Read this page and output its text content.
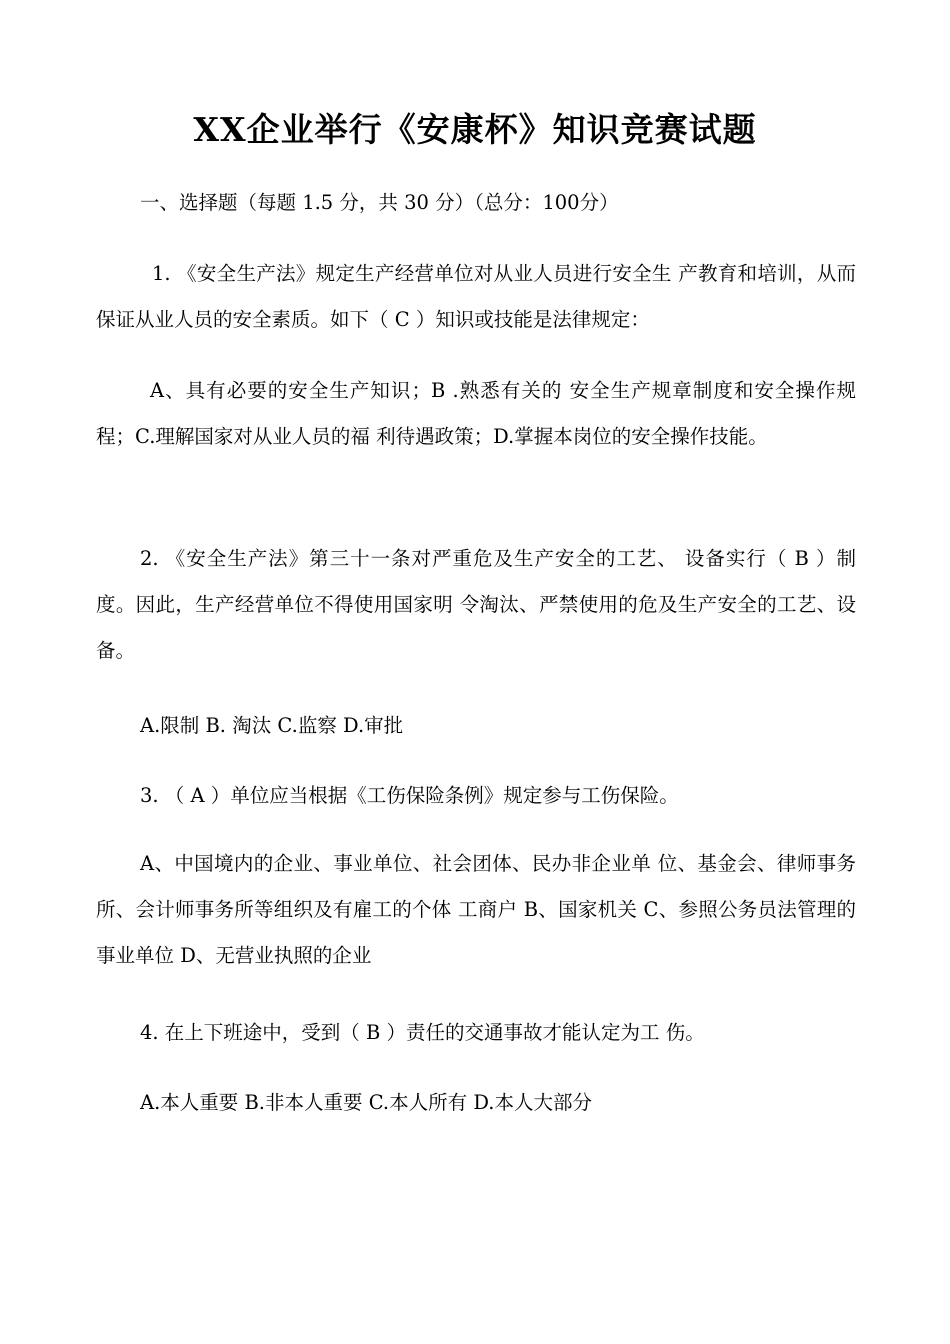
XX企业举行《安康杯》知识竞赛试题

一、选择题（每题 1.5 分，共 30 分）（总分：100分）

1. 《安全生产法》规定生产经营单位对从业人员进行安全生 产教育和培训，从而保证从业人员的安全素质。如下（ C ）知识或技能是法律规定：

A、具有必要的安全生产知识；B .熟悉有关的 安全生产规章制度和安全操作规程；C.理解国家对从业人员的福 利待遇政策；D.掌握本岗位的安全操作技能。

2. 《安全生产法》第三十一条对严重危及生产安全的工艺、 设备实行（ B ）制度。因此，生产经营单位不得使用国家明 令淘汰、严禁使用的危及生产安全的工艺、设备。

A.限制 B. 淘汰 C.监察 D.审批

3. （ A ）单位应当根据《工伤保险条例》规定参与工伤保险。

A、中国境内的企业、事业单位、社会团体、民办非企业单 位、基金会、律师事务所、会计师事务所等组织及有雇工的个体 工商户 B、国家机关 C、参照公务员法管理的事业单位 D、无营业执照的企业

4. 在上下班途中，受到（ B ）责任的交通事故才能认定为工 伤。

A.本人重要 B.非本人重要 C.本人所有 D.本人大部分
